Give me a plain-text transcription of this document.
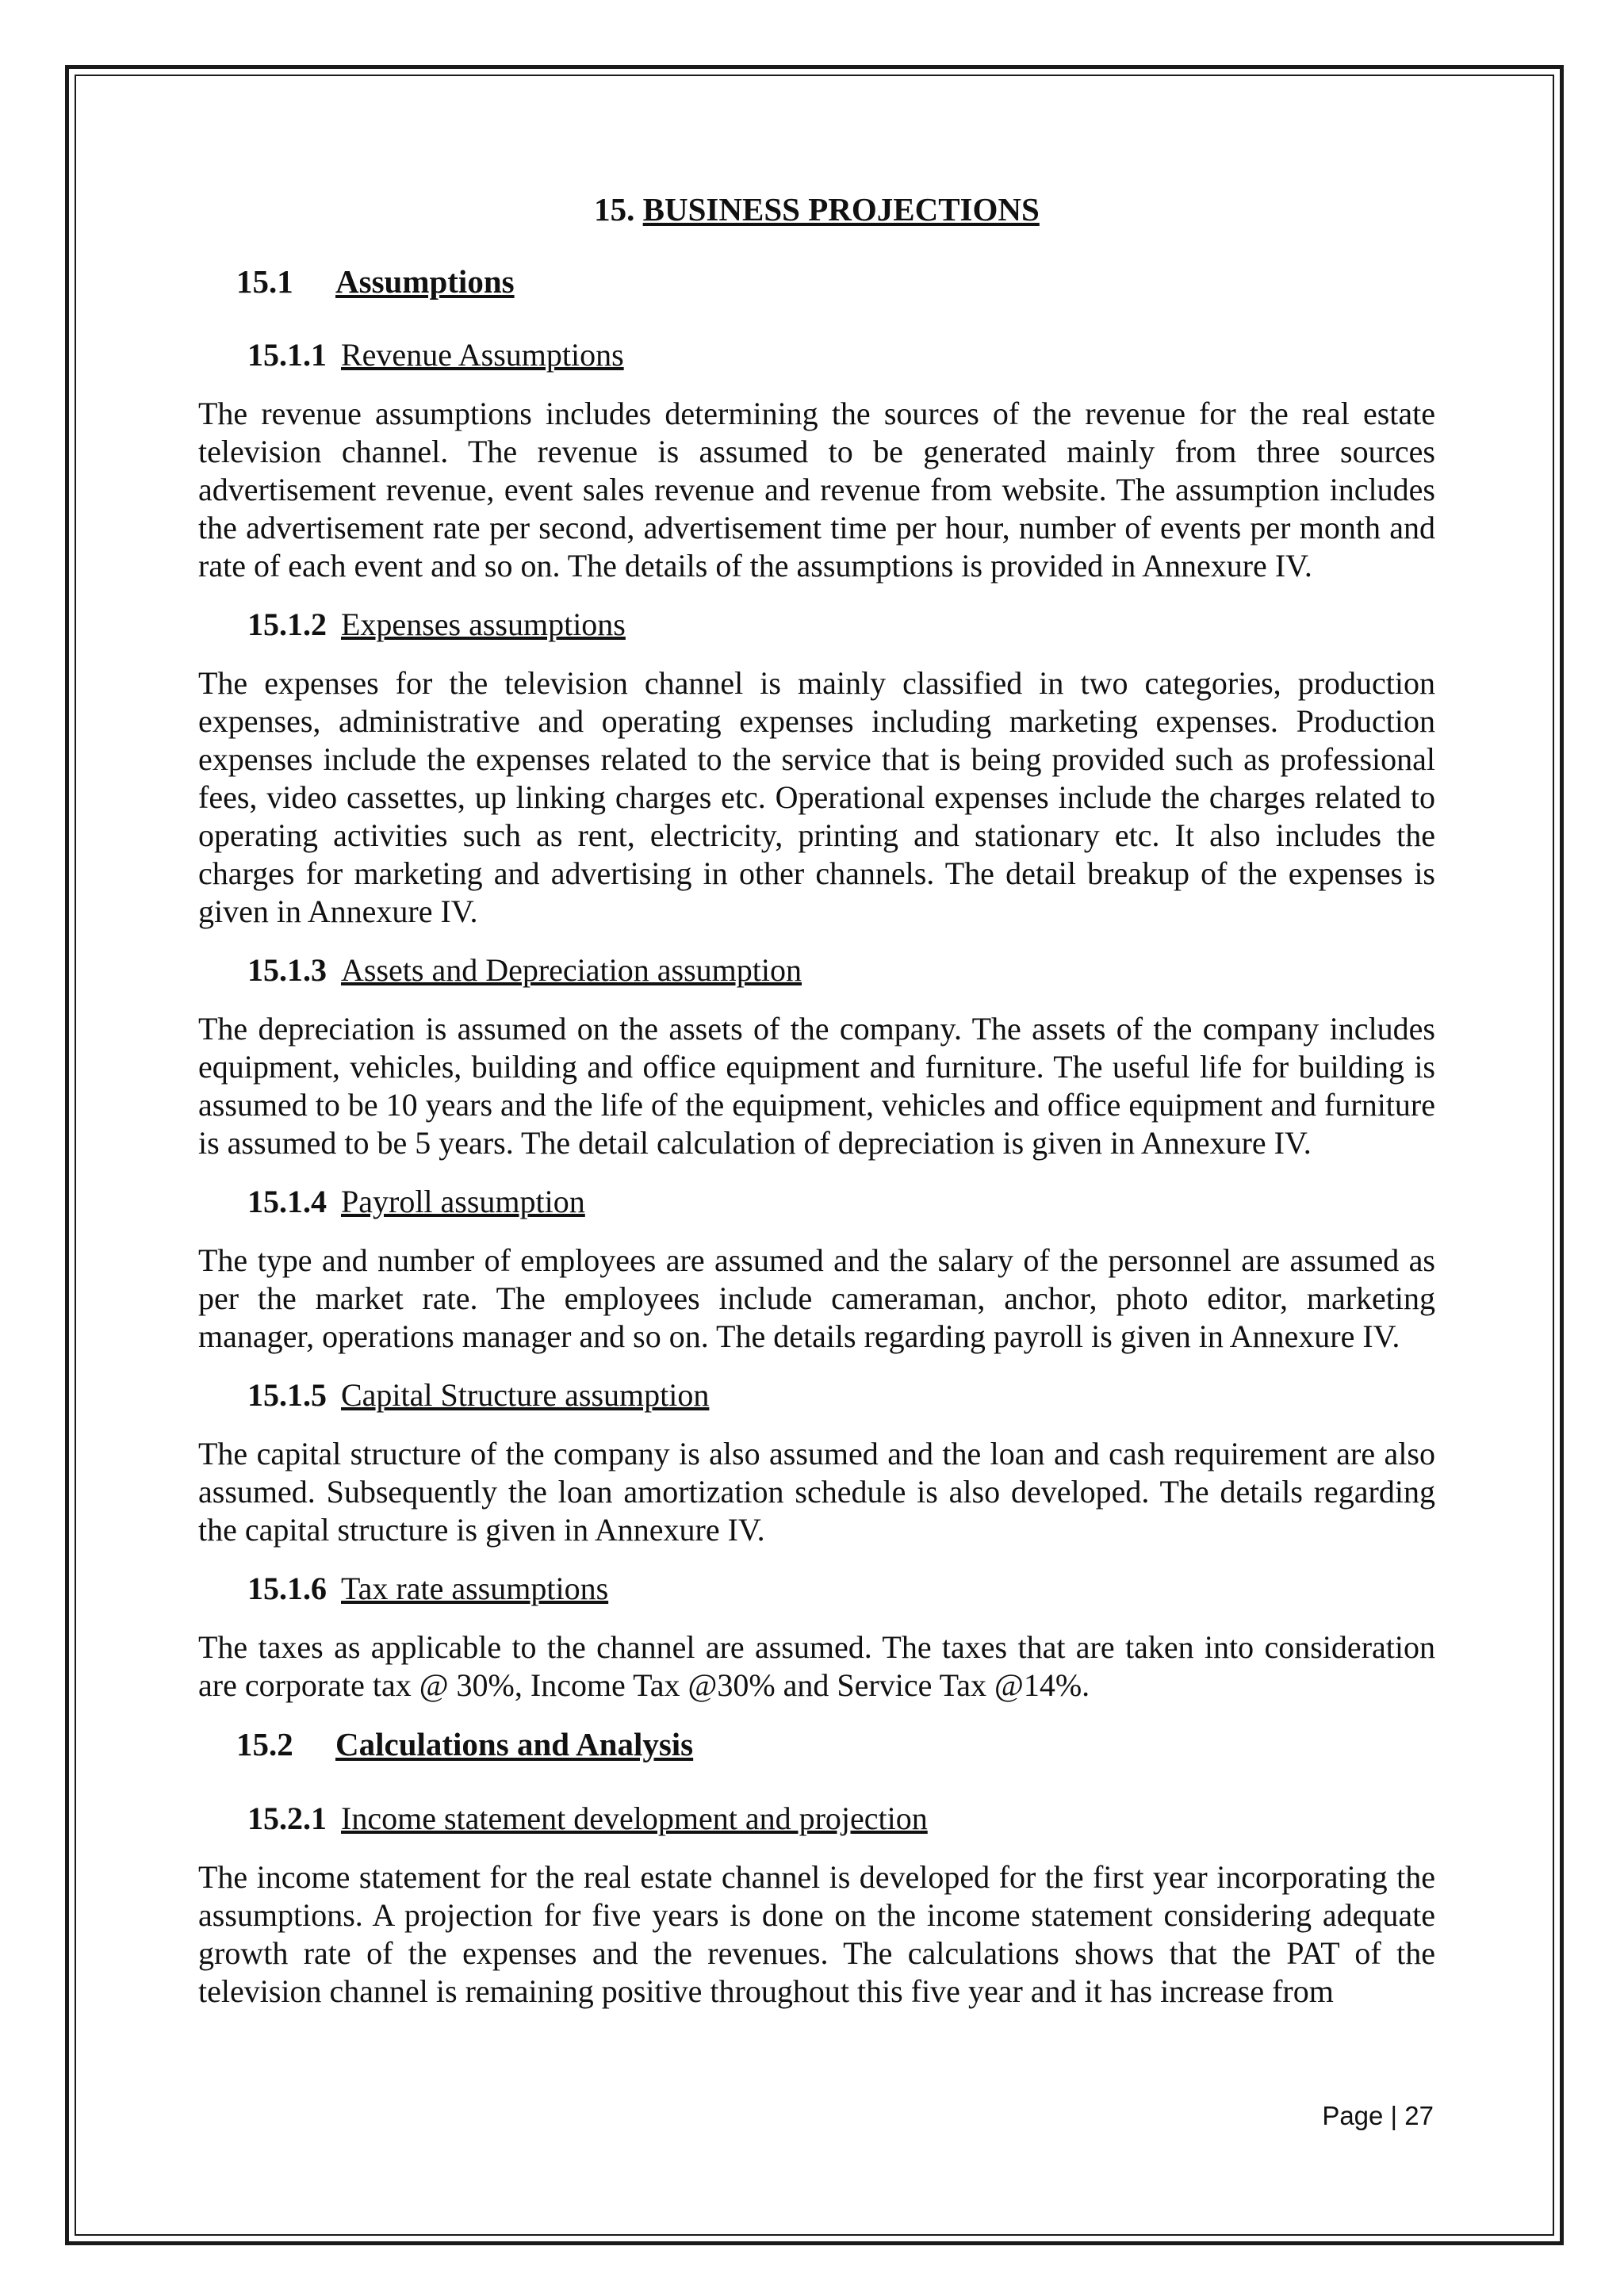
15. BUSINESS PROJECTIONS
15.1 Assumptions
15.1.1 Revenue Assumptions

The revenue assumptions includes determining the sources of the revenue for the real estate television channel. The revenue is assumed to be generated mainly from three sources advertisement revenue, event sales revenue and revenue from website. The assumption includes the advertisement rate per second, advertisement time per hour, number of events per month and rate of each event and so on. The details of the assumptions is provided in Annexure IV.

15.1.2 Expenses assumptions

The expenses for the television channel is mainly classified in two categories, production expenses, administrative and operating expenses including marketing expenses. Production expenses include the expenses related to the service that is being provided such as professional fees, video cassettes, up linking charges etc. Operational expenses include the charges related to operating activities such as rent, electricity, printing and stationary etc. It also includes the charges for marketing and advertising in other channels. The detail breakup of the expenses is given in Annexure IV.

15.1.3 Assets and Depreciation assumption

The depreciation is assumed on the assets of the company. The assets of the company includes equipment, vehicles, building and office equipment and furniture. The useful life for building is assumed to be 10 years and the life of the equipment, vehicles and office equipment and furniture is assumed to be 5 years. The detail calculation of depreciation is given in Annexure IV.

15.1.4 Payroll assumption

The type and number of employees are assumed and the salary of the personnel are assumed as per the market rate. The employees include cameraman, anchor, photo editor, marketing manager, operations manager and so on. The details regarding payroll is given in Annexure IV.

15.1.5 Capital Structure assumption

The capital structure of the company is also assumed and the loan and cash requirement are also assumed. Subsequently the loan amortization schedule is also developed. The details regarding the capital structure is given in Annexure IV.

15.1.6 Tax rate assumptions

The taxes as applicable to the channel are assumed. The taxes that are taken into consideration are corporate tax @ 30%, Income Tax @30% and Service Tax @14%.

15.2 Calculations and Analysis
15.2.1 Income statement development and projection

The income statement for the real estate channel is developed for the first year incorporating the assumptions. A projection for five years is done on the income statement considering adequate growth rate of the expenses and the revenues. The calculations shows that the PAT of the television channel is remaining positive throughout this five year and it has increase from

Page | 27
